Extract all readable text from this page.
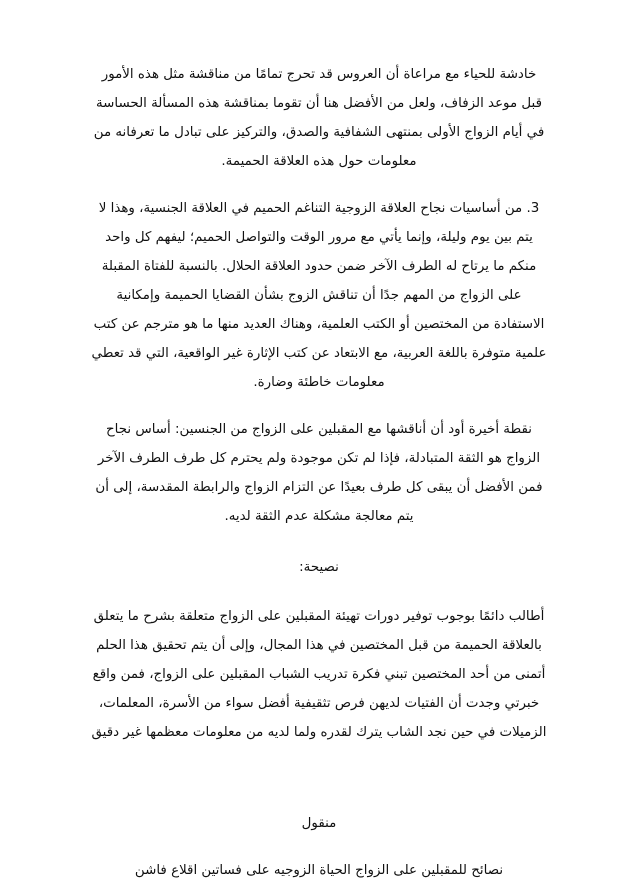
خادشة للحياء مع مراعاة أن العروس قد تحرج تمامًا من مناقشة مثل هذه الأمور قبل موعد الزفاف، ولعل من الأفضل هنا أن تقوما بمناقشة هذه المسألة الحساسة في أيام الزواج الأولى بمنتهى الشفافية والصدق، والتركيز على تبادل ما تعرفانه من معلومات حول هذه العلاقة الحميمة.

3. من أساسيات نجاح العلاقة الزوجية التناغم الحميم في العلاقة الجنسية، وهذا لا يتم بين يوم وليلة، وإنما يأتي مع مرور الوقت والتواصل الحميم؛ ليفهم كل واحد منكم ما يرتاح له الطرف الآخر ضمن حدود العلاقة الحلال. بالنسبة للفتاة المقبلة على الزواج من المهم جدًا أن تناقش الزوج بشأن القضايا الحميمة وإمكانية الاستفادة من المختصين أو الكتب العلمية، وهناك العديد منها ما هو مترجم عن كتب علمية متوفرة باللغة العربية، مع الابتعاد عن كتب الإثارة غير الواقعية، التي قد تعطي معلومات خاطئة وضارة.

نقطة أخيرة أود أن أناقشها مع المقبلين على الزواج من الجنسين: أساس نجاح الزواج هو الثقة المتبادلة، فإذا لم تكن موجودة ولم يحترم كل طرف الطرف الآخر فمن الأفضل أن يبقى كل طرف بعيدًا عن التزام الزواج والرابطة المقدسة، إلى أن يتم معالجة مشكلة عدم الثقة لديه.

نصيحة:

أطالب دائمًا بوجوب توفير دورات تهيئة المقبلين على الزواج متعلقة بشرح ما يتعلق بالعلاقة الحميمة من قبل المختصين في هذا المجال، وإلى أن يتم تحقيق هذا الحلم أتمنى من أحد المختصين تبني فكرة تدريب الشباب المقبلين على الزواج، فمن واقع خبرتي وجدت أن الفتيات لديهن فرص تثقيفية أفضل سواء من الأسرة، المعلمات، الزميلات في حين نجد الشاب يترك لقدره ولما لديه من معلومات معظمها غير دقيق

منقول

نصائح للمقبلين على الزواج الحياة الزوجيه على فساتين اقلاع فاشن
